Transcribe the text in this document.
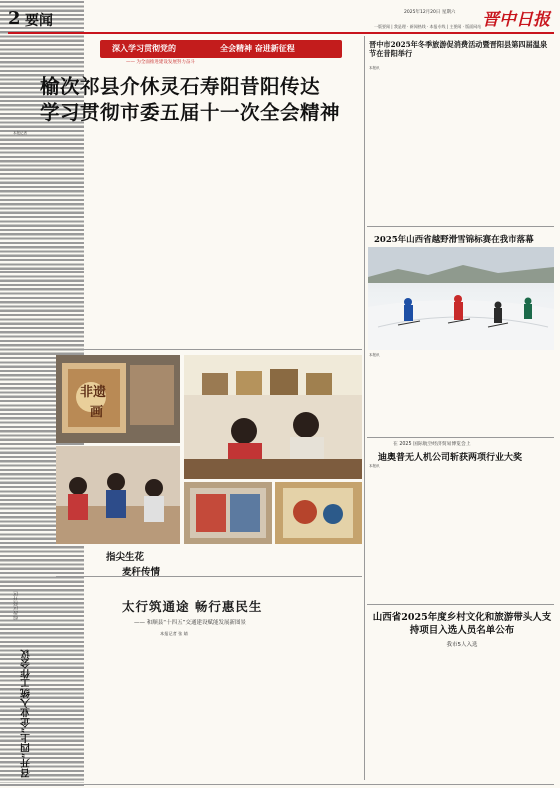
2 要闻	一版要闻 | 我是理 · 新闻热线 · 本报专线 | 主要闻 · 版面网站
2025年12月20日 星期六 晋中日报
深入学习贯彻党的	全会精神 奋进新征程
—— 为全面推进建设发展努力奋斗
榆次祁县介休灵石寿阳昔阳传达
学习贯彻市委五届十一次全会精神
本报记者
晋中市2025年冬季旅游促消费活动暨晋阳县第四届温泉节在昔阳举行
本报讯
2025年山西省越野滑雪锦标赛在我市落幕
本报讯
在 2025 国际航空经济贸易博览会上
迪奥普无人机公司斩获两项行业大奖
本报讯
山西省2025年度乡村文化和旅游带头人支持项目入选人员名单公布
我市5人入选
非遗
画
指尖生花
麦秆传情
综改区经开区
召开“四上”企业入统工作会议
太行筑通途 畅行惠民生
—— 和顺县“十四五”交通建设赋能发展新图景
本报记者 张 婧
